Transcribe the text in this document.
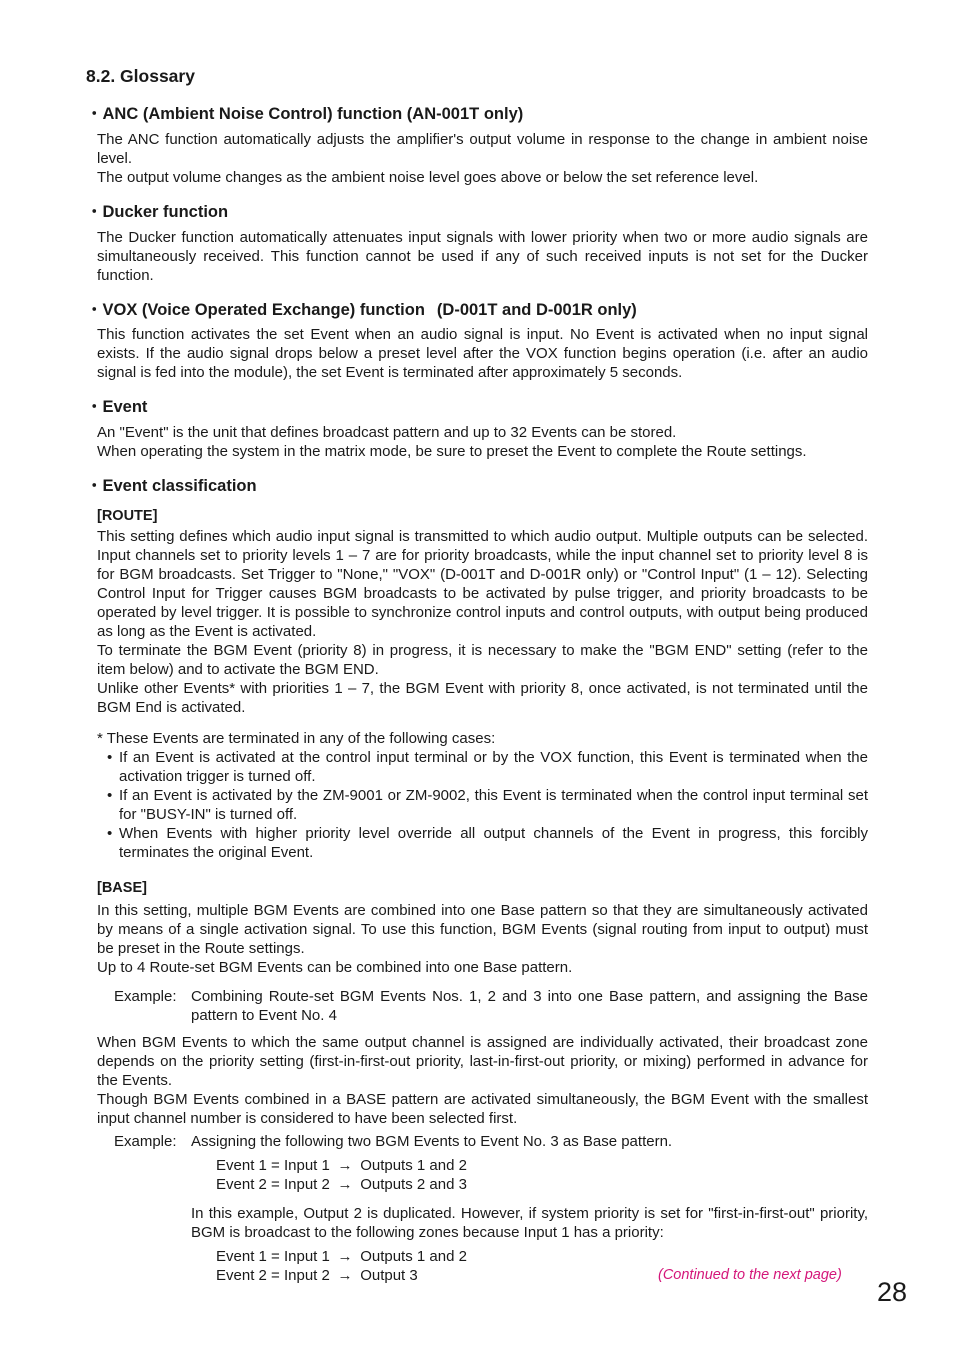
8.2. Glossary
・ANC (Ambient Noise Control) function (AN-001T only)

The ANC function automatically adjusts the amplifier's output volume in response to the change in ambient noise level.

The output volume changes as the ambient noise level goes above or below the set reference level.

・Ducker function

The Ducker function automatically attenuates input signals with lower priority when two or more audio signals are simultaneously received. This function cannot be used if any of such received inputs is not set for the Ducker function.

・VOX (Voice Operated Exchange) function (D-001T and D-001R only)

This function activates the set Event when an audio signal is input. No Event is activated when no input signal exists. If the audio signal drops below a preset level after the VOX function begins operation (i.e. after an audio signal is fed into the module), the set Event is terminated after approximately 5 seconds.

・Event

An "Event" is the unit that defines broadcast pattern and up to 32 Events can be stored.

When operating the system in the matrix mode, be sure to preset the Event to complete the Route settings.

・Event classification
[ROUTE]

This setting defines which audio input signal is transmitted to which audio output. Multiple outputs can be selected. Input channels set to priority levels 1 – 7 are for priority broadcasts, while the input channel set to priority level 8 is for BGM broadcasts. Set Trigger to "None," "VOX" (D-001T and D-001R only) or "Control Input" (1 – 12). Selecting Control Input for Trigger causes BGM broadcasts to be activated by pulse trigger, and priority broadcasts to be operated by level trigger. It is possible to synchronize control inputs and control outputs, with output being produced as long as the Event is activated.

To terminate the BGM Event (priority 8) in progress, it is necessary to make the "BGM END" setting (refer to the item below) and to activate the BGM END.

Unlike other Events* with priorities 1 – 7, the BGM Event with priority 8, once activated, is not terminated until the BGM End is activated.

* These Events are terminated in any of the following cases:

• If an Event is activated at the control input terminal or by the VOX function, this Event is terminated when the activation trigger is turned off.

• If an Event is activated by the ZM-9001 or ZM-9002, this Event is terminated when the control input terminal set for "BUSY-IN" is turned off.

• When Events with higher priority level override all output channels of the Event in progress, this forcibly terminates the original Event.

[BASE]

In this setting, multiple BGM Events are combined into one Base pattern so that they are simultaneously activated by means of a single activation signal. To use this function, BGM Events (signal routing from input to output) must be preset in the Route settings.

Up to 4 Route-set BGM Events can be combined into one Base pattern.

Example: Combining Route-set BGM Events Nos. 1, 2 and 3 into one Base pattern, and assigning the Base pattern to Event No. 4

When BGM Events to which the same output channel is assigned are individually activated, their broadcast zone depends on the priority setting (first-in-first-out priority, last-in-first-out priority, or mixing) performed in advance for the Events.

Though BGM Events combined in a BASE pattern are activated simultaneously, the BGM Event with the smallest input channel number is considered to have been selected first.

Example: Assigning the following two BGM Events to Event No. 3 as Base pattern.
Event 1 = Input 1 → Outputs 1 and 2
Event 2 = Input 2 → Outputs 2 and 3
In this example, Output 2 is duplicated. However, if system priority is set for "first-in-first-out" priority, BGM is broadcast to the following zones because Input 1 has a priority:
Event 1 = Input 1 → Outputs 1 and 2
Event 2 = Input 2 → Output 3	(Continued to the next page)
28
